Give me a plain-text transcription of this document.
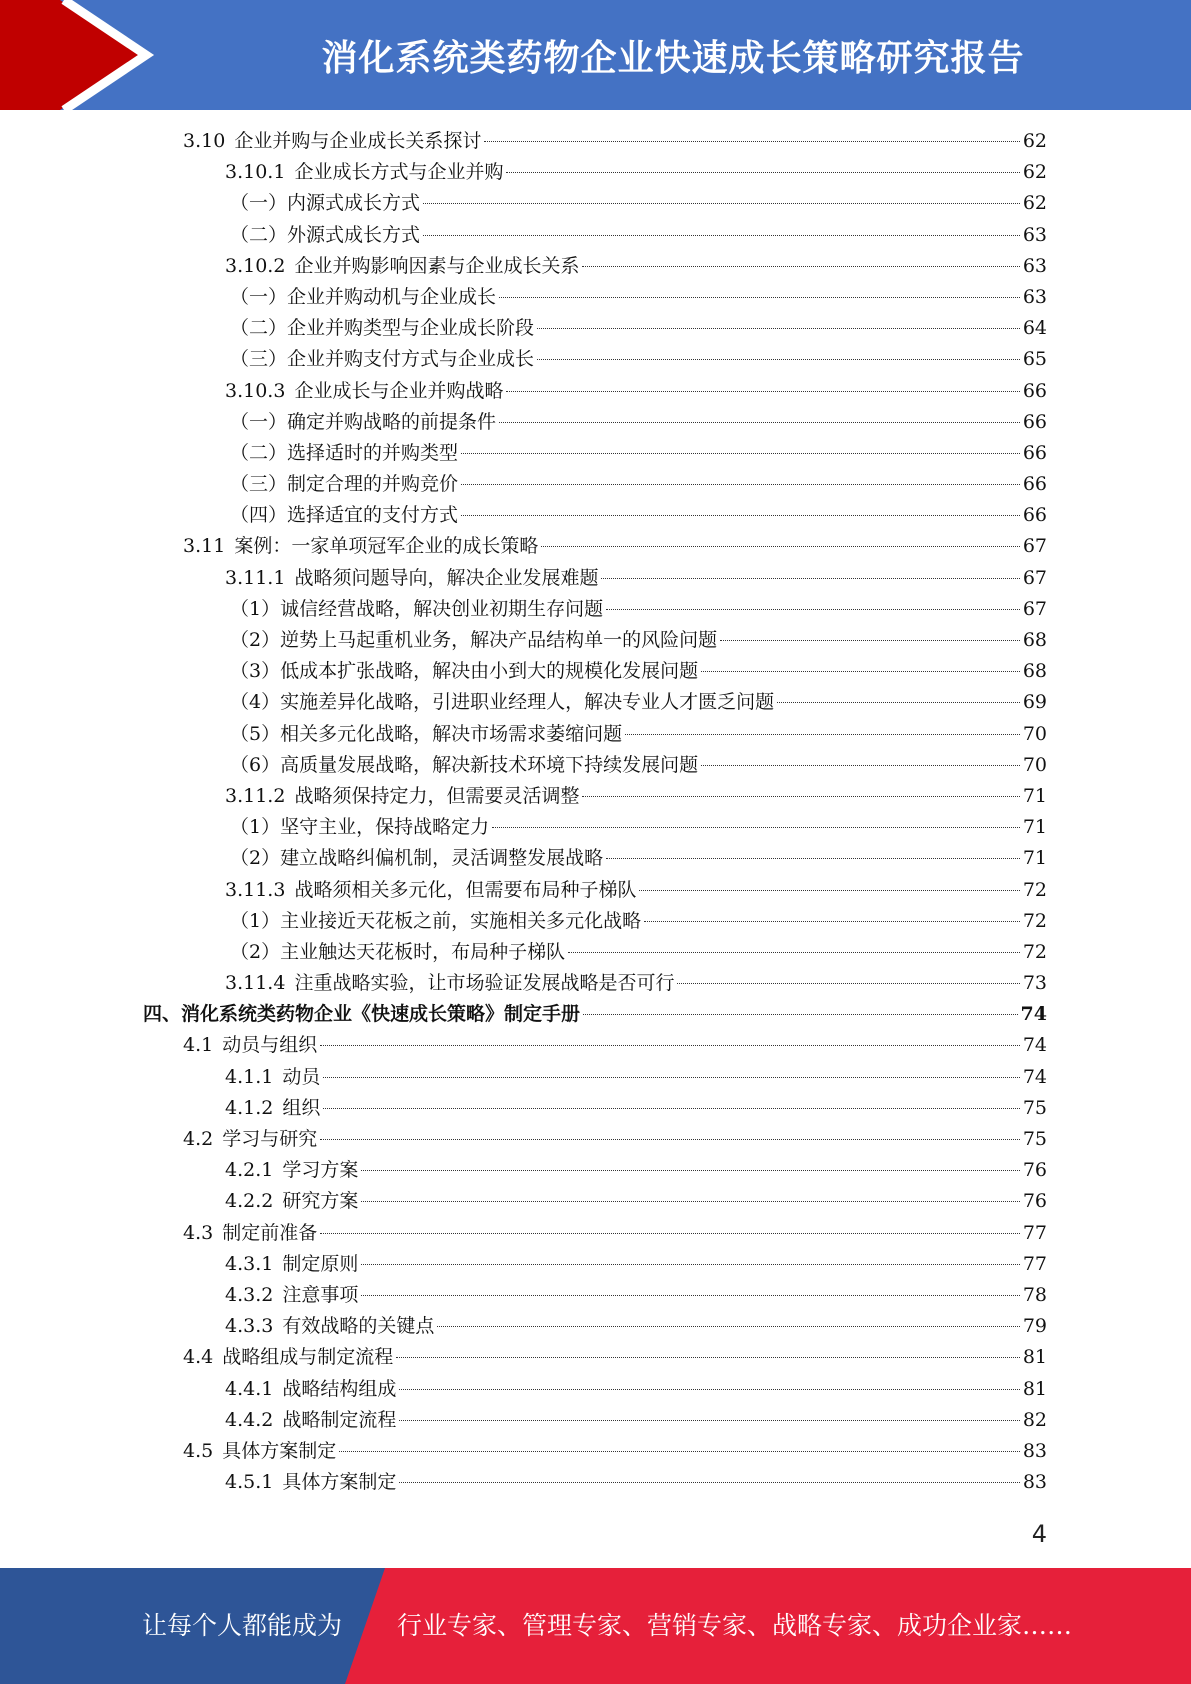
消化系统类药物企业快速成长策略研究报告
3.10 企业并购与企业成长关系探讨	62
3.10.1 企业成长方式与企业并购	62
（一）内源式成长方式	62
（二）外源式成长方式	63
3.10.2 企业并购影响因素与企业成长关系	63
（一）企业并购动机与企业成长	63
（二）企业并购类型与企业成长阶段	64
（三）企业并购支付方式与企业成长	65
3.10.3 企业成长与企业并购战略	66
（一）确定并购战略的前提条件	66
（二）选择适时的并购类型	66
（三）制定合理的并购竞价	66
（四）选择适宜的支付方式	66
3.11 案例：一家单项冠军企业的成长策略	67
3.11.1 战略须问题导向，解决企业发展难题	67
（1）诚信经营战略，解决创业初期生存问题	67
（2）逆势上马起重机业务，解决产品结构单一的风险问题	68
（3）低成本扩张战略，解决由小到大的规模化发展问题	68
（4）实施差异化战略，引进职业经理人，解决专业人才匮乏问题	69
（5）相关多元化战略，解决市场需求萎缩问题	70
（6）高质量发展战略，解决新技术环境下持续发展问题	70
3.11.2 战略须保持定力，但需要灵活调整	71
（1）坚守主业，保持战略定力	71
（2）建立战略纠偏机制，灵活调整发展战略	71
3.11.3 战略须相关多元化，但需要布局种子梯队	72
（1）主业接近天花板之前，实施相关多元化战略	72
（2）主业触达天花板时，布局种子梯队	72
3.11.4 注重战略实验，让市场验证发展战略是否可行	73
四、消化系统类药物企业《快速成长策略》制定手册	74
4.1 动员与组织	74
4.1.1 动员	74
4.1.2 组织	75
4.2 学习与研究	75
4.2.1 学习方案	76
4.2.2 研究方案	76
4.3 制定前准备	77
4.3.1 制定原则	77
4.3.2 注意事项	78
4.3.3 有效战略的关键点	79
4.4 战略组成与制定流程	81
4.4.1 战略结构组成	81
4.4.2 战略制定流程	82
4.5 具体方案制定	83
4.5.1 具体方案制定	83
4
让每个人都能成为 行业专家、管理专家、营销专家、战略专家、成功企业家……
